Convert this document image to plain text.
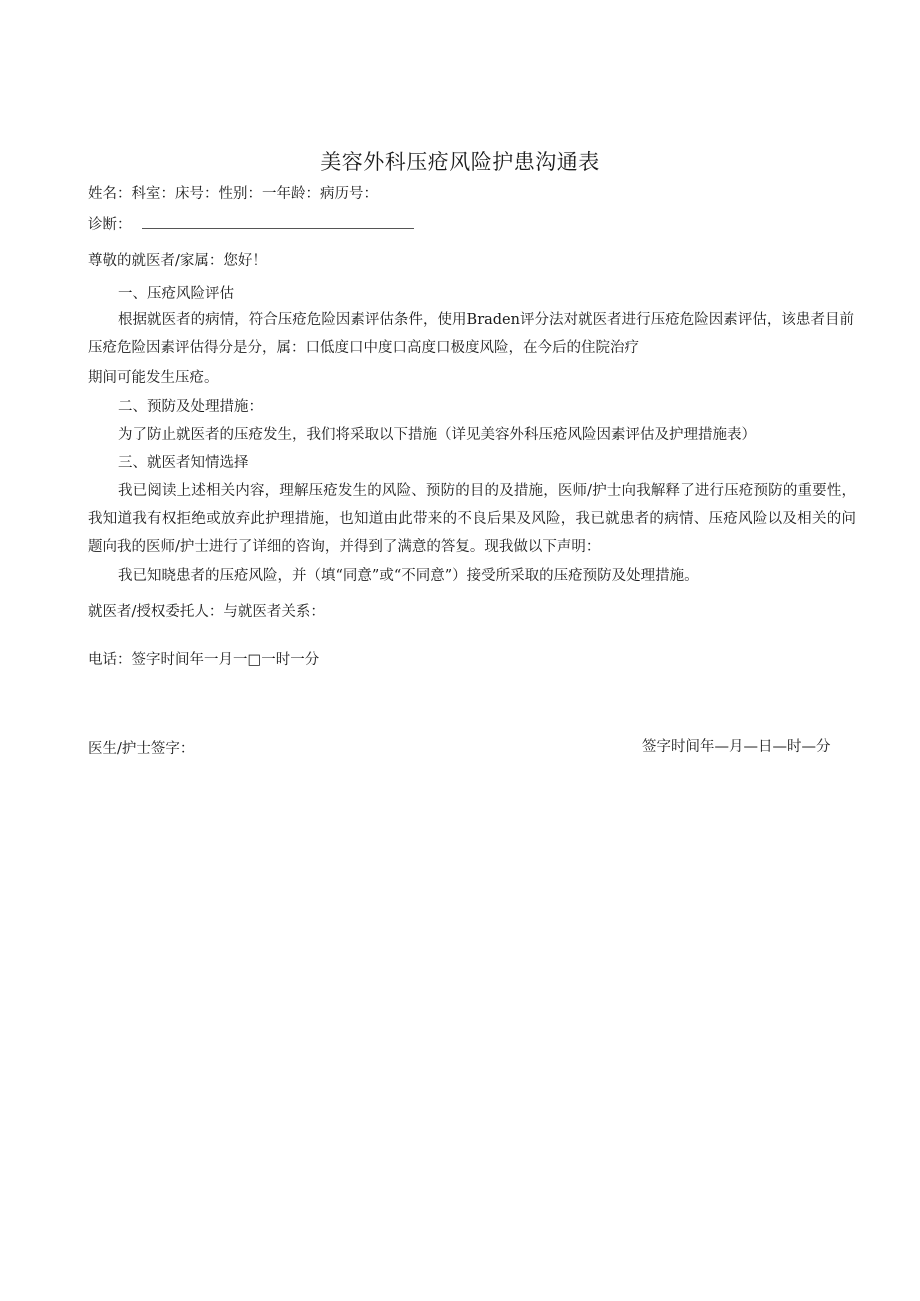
美容外科压疮风险护患沟通表
姓名：科室：床号：性别：一年龄：病历号：
诊断：
尊敬的就医者/家属：您好！
一、压疮风险评估
根据就医者的病情，符合压疮危险因素评估条件，使用Braden评分法对就医者进行压疮危险因素评估，该患者目前压疮危险因素评估得分是分，属：口低度口中度口高度口极度风险，在今后的住院治疗
期间可能发生压疮。
二、预防及处理措施：
为了防止就医者的压疮发生，我们将采取以下措施（详见美容外科压疮风险因素评估及护理措施表）
三、就医者知情选择
我已阅读上述相关内容，理解压疮发生的风险、预防的目的及措施，医师/护士向我解释了进行压疮预防的重要性，我知道我有权拒绝或放弃此护理措施，也知道由此带来的不良后果及风险，我已就患者的病情、压疮风险以及相关的问题向我的医师/护士进行了详细的咨询，并得到了满意的答复。现我做以下声明：
我已知晓患者的压疮风险，并（填“同意”或“不同意”）接受所采取的压疮预防及处理措施。
就医者/授权委托人：与就医者关系：
电话：签字时间年一月一□一时一分
医生/护士签字：	签字时间年—月—日—时—分
